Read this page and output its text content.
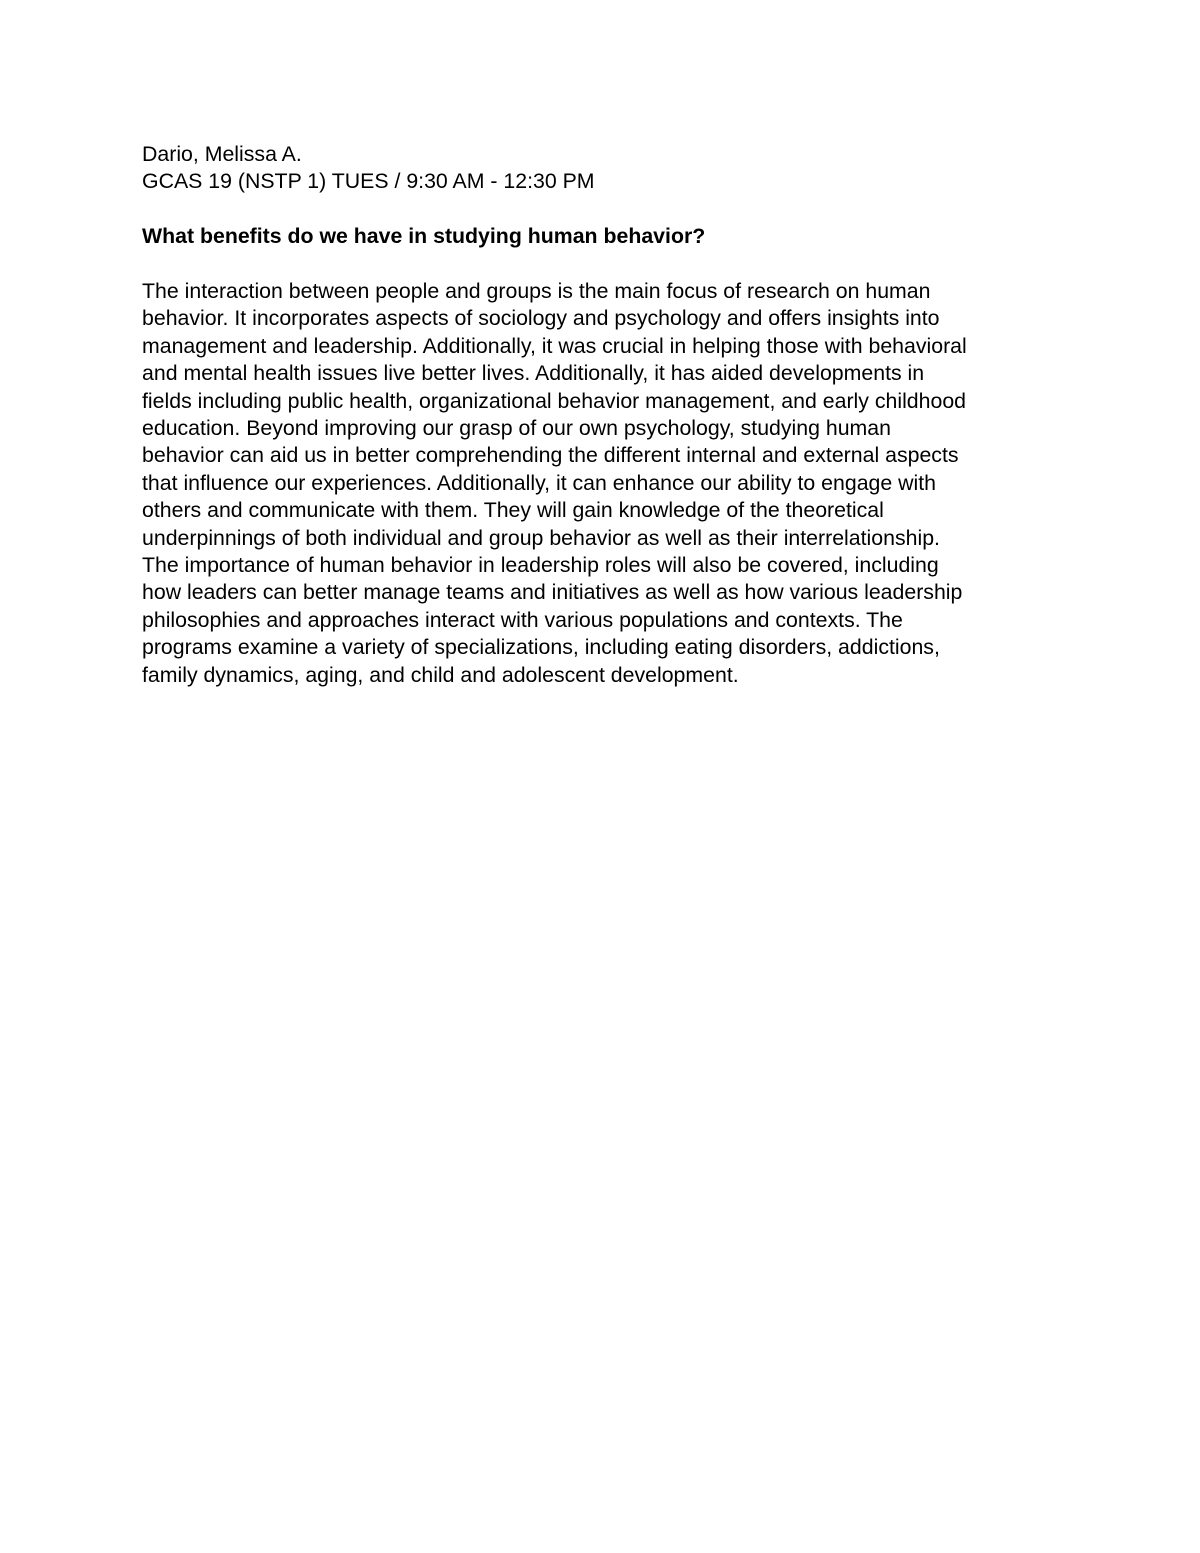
Dario, Melissa A.

GCAS 19 (NSTP 1) TUES / 9:30 AM - 12:30 PM

What benefits do we have in studying human behavior?

The interaction between people and groups is the main focus of research on human
behavior. It incorporates aspects of sociology and psychology and offers insights into
management and leadership. Additionally, it was crucial in helping those with behavioral
and mental health issues live better lives. Additionally, it has aided developments in
fields including public health, organizational behavior management, and early childhood
education. Beyond improving our grasp of our own psychology, studying human
behavior can aid us in better comprehending the different internal and external aspects
that influence our experiences. Additionally, it can enhance our ability to engage with
others and communicate with them. They will gain knowledge of the theoretical
underpinnings of both individual and group behavior as well as their interrelationship.
The importance of human behavior in leadership roles will also be covered, including
how leaders can better manage teams and initiatives as well as how various leadership
philosophies and approaches interact with various populations and contexts. The
programs examine a variety of specializations, including eating disorders, addictions,
family dynamics, aging, and child and adolescent development.
